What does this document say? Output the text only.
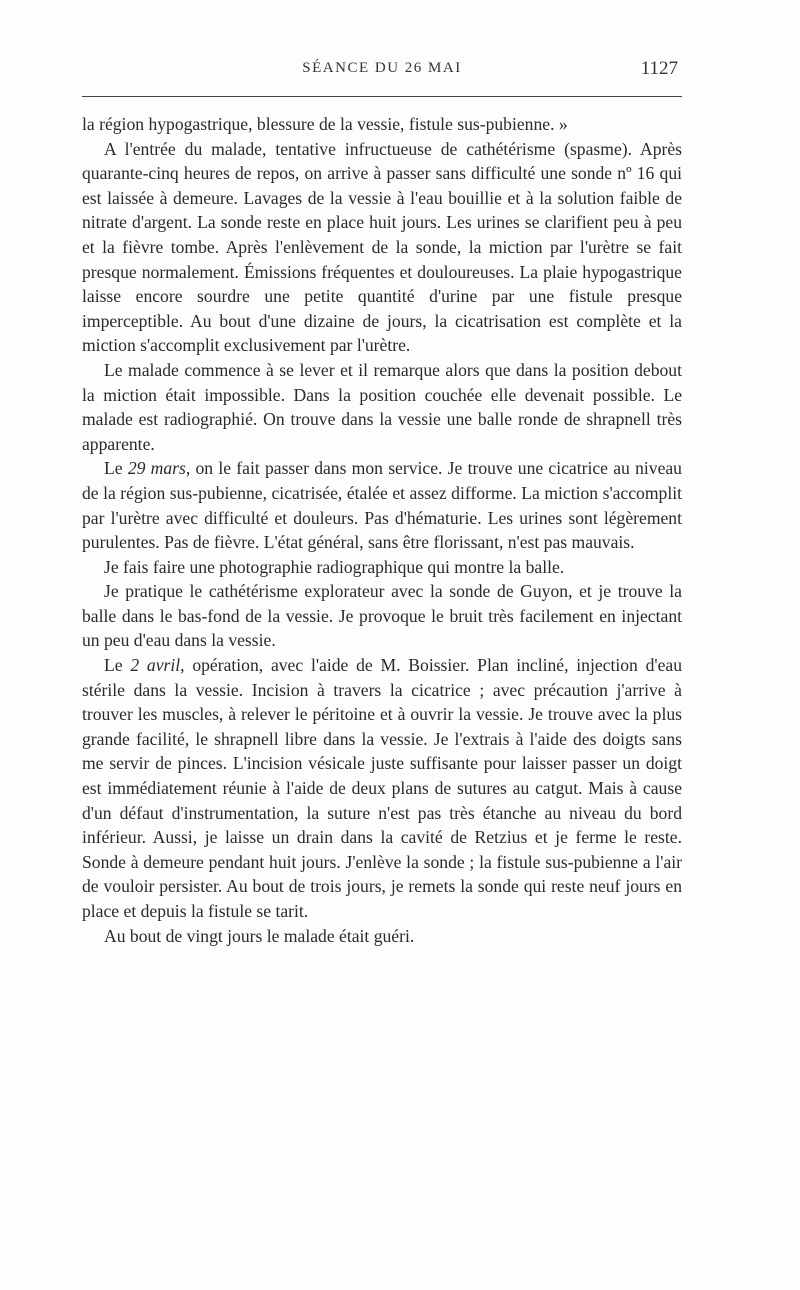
SÉANCE DU 26 MAI	1127

la région hypogastrique, blessure de la vessie, fistule sus-pubienne. »

A l'entrée du malade, tentative infructueuse de cathétérisme (spasme). Après quarante-cinq heures de repos, on arrive à passer sans difficulté une sonde nº 16 qui est laissée à demeure. Lavages de la vessie à l'eau bouillie et à la solution faible de nitrate d'argent. La sonde reste en place huit jours. Les urines se clarifient peu à peu et la fièvre tombe. Après l'enlèvement de la sonde, la miction par l'urètre se fait presque normalement. Émissions fréquentes et douloureuses. La plaie hypogastrique laisse encore sourdre une petite quantité d'urine par une fistule presque imperceptible. Au bout d'une dizaine de jours, la cicatrisation est complète et la miction s'accomplit exclusivement par l'urètre.

Le malade commence à se lever et il remarque alors que dans la position debout la miction était impossible. Dans la position couchée elle devenait possible. Le malade est radiographié. On trouve dans la vessie une balle ronde de shrapnell très apparente.

Le 29 mars, on le fait passer dans mon service. Je trouve une cicatrice au niveau de la région sus-pubienne, cicatrisée, étalée et assez difforme. La miction s'accomplit par l'urètre avec difficulté et douleurs. Pas d'hématurie. Les urines sont légèrement purulentes. Pas de fièvre. L'état général, sans être florissant, n'est pas mauvais.

Je fais faire une photographie radiographique qui montre la balle.

Je pratique le cathétérisme explorateur avec la sonde de Guyon, et je trouve la balle dans le bas-fond de la vessie. Je provoque le bruit très facilement en injectant un peu d'eau dans la vessie.

Le 2 avril, opération, avec l'aide de M. Boissier. Plan incliné, injection d'eau stérile dans la vessie. Incision à travers la cicatrice ; avec précaution j'arrive à trouver les muscles, à relever le péritoine et à ouvrir la vessie. Je trouve avec la plus grande facilité, le shrapnell libre dans la vessie. Je l'extrais à l'aide des doigts sans me servir de pinces. L'incision vésicale juste suffisante pour laisser passer un doigt est immédiatement réunie à l'aide de deux plans de sutures au catgut. Mais à cause d'un défaut d'instrumentation, la suture n'est pas très étanche au niveau du bord inférieur. Aussi, je laisse un drain dans la cavité de Retzius et je ferme le reste. Sonde à demeure pendant huit jours. J'enlève la sonde ; la fistule sus-pubienne a l'air de vouloir persister. Au bout de trois jours, je remets la sonde qui reste neuf jours en place et depuis la fistule se tarit.

Au bout de vingt jours le malade était guéri.
